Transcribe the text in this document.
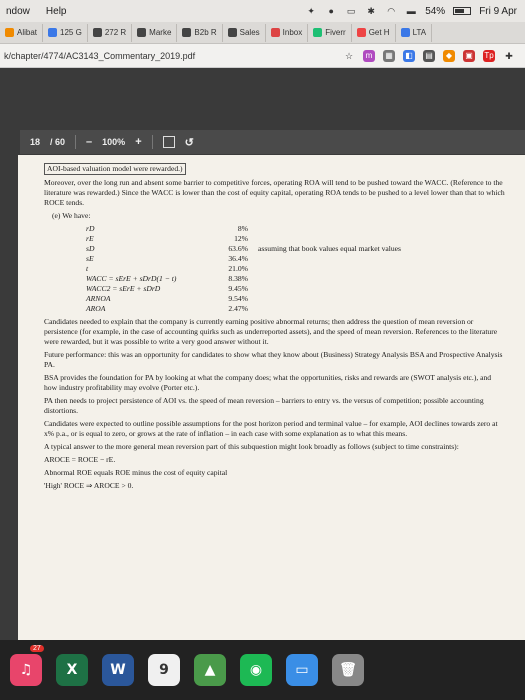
ndow Help	✦	●	▭ ✱ ◠ ▬ 54%	Fri 9 Apr
Alibat	125 G	272 R	Marke	B2b R	Sales	Inbox	Fiverr	Get H	LTA
k/chapter/4774/AC3143_Commentary_2019.pdf	☆	m	▦ ◧ ▤	◆	▣ Tp ✚
18 / 60 – 100% +	↺

AOI-based valuation model were rewarded.)

Moreover, over the long run and absent some barrier to competitive forces, operating ROA will tend to be pushed toward the WACC. (Reference to the literature was rewarded.) Since the WACC is lower than the cost of equity capital, operating ROA tends to be pushed to a level lower than that to which ROCE tends.

(e) We have:

rD	8%
rE	12%
sD	63.6%	assuming that book values equal market values
sE	36.4%
t	21.0%
WACC = sErE + sDrD(1 − t)	8.38%
WACC2 = sErE + sDrD	9.45%
ARNOA	9.54%
AROA	2.47%

Candidates needed to explain that the company is currently earning positive abnormal returns; then address the question of mean reversion or persistence (for example, in the case of accounting quirks such as underreported assets), and the speed of mean reversion. References to the literature were rewarded, but it was possible to write a very good answer without it.

Future performance: this was an opportunity for candidates to show what they know about (Business) Strategy Analysis BSA and Prospective Analysis PA.

BSA provides the foundation for PA by looking at what the company does; what the opportunities, risks and rewards are (SWOT analysis etc.), and how industry profitability may evolve (Porter etc.).

PA then needs to project persistence of AOI vs. the speed of mean reversion – barriers to entry vs. the versus of competition; possible accounting distortions.

Candidates were expected to outline possible assumptions for the post horizon period and terminal value – for example, AOI declines towards zero at x% p.a., or is equal to zero, or grows at the rate of inflation – in each case with some explanation as to what this means.

A typical answer to the more general mean reversion part of this subquestion might look broadly as follows (subject to time constraints):

AROCE = ROCE − rE.

Abnormal ROE equals ROE minus the cost of equity capital

'High' ROCE ⇒ AROCE > 0.

♫	X	W	9	▲	◉	▭	🗑
27
